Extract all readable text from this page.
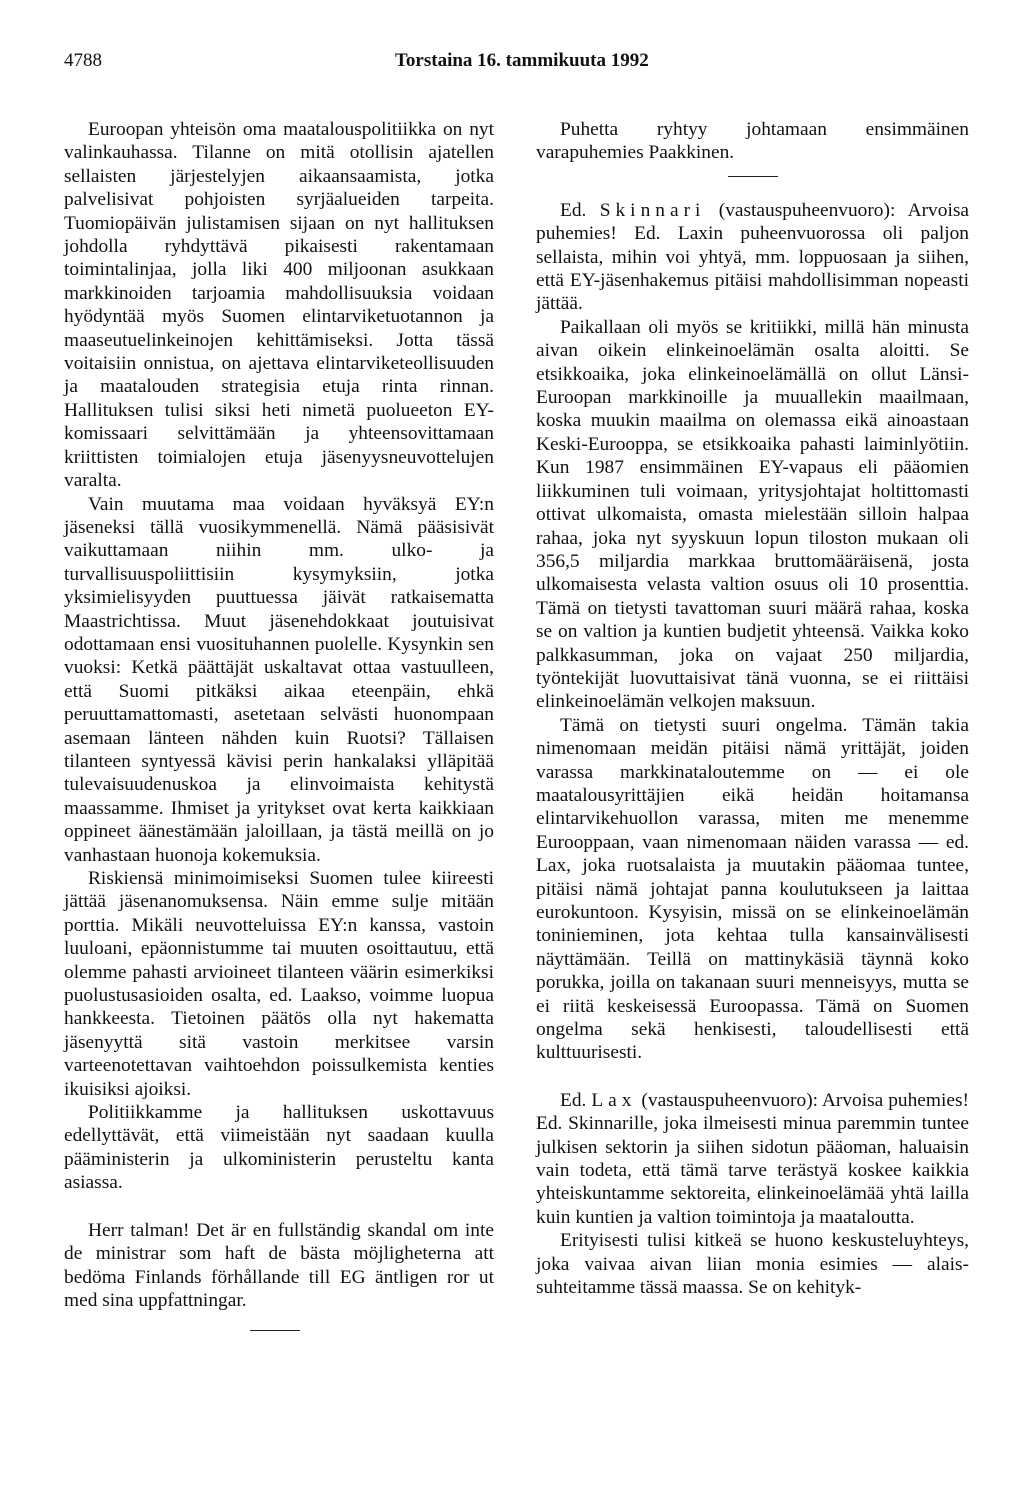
4788	Torstaina 16. tammikuuta 1992

Euroopan yhteisön oma maatalouspolitiikka on nyt valinkauhassa. Tilanne on mitä otollisin ajatellen sellaisten järjestelyjen aikaansaamista, jotka palvelisivat pohjoisten syrjäalueiden tarpeita. Tuomiopäivän julistamisen sijaan on nyt hallituksen johdolla ryhdyttävä pikaisesti rakentamaan toimintalinjaa, jolla liki 400 miljoonan asukkaan markkinoiden tarjoamia mahdollisuuksia voidaan hyödyntää myös Suomen elintarviketuotannon ja maaseutuelinkeinojen kehittämiseksi. Jotta tässä voitaisiin onnistua, on ajettava elintarviketeollisuuden ja maatalouden strategisia etuja rinta rinnan. Hallituksen tulisi siksi heti nimetä puolueeton EY-komissaari selvittämään ja yhteensovittamaan kriittisten toimialojen etuja jäsenyysneuvottelujen varalta.

Vain muutama maa voidaan hyväksyä EY:n jäseneksi tällä vuosikymmenellä. Nämä pääsisivät vaikuttamaan niihin mm. ulko- ja turvallisuuspoliittisiin kysymyksiin, jotka yksimielisyyden puuttuessa jäivät ratkaisematta Maastrichtissa. Muut jäsenehdokkaat joutuisivat odottamaan ensi vuosituhannen puolelle. Kysynkin sen vuoksi: Ketkä päättäjät uskaltavat ottaa vastuulleen, että Suomi pitkäksi aikaa eteenpäin, ehkä peruuttamattomasti, asetetaan selvästi huonompaan asemaan länteen nähden kuin Ruotsi? Tällaisen tilanteen syntyessä kävisi perin hankalaksi ylläpitää tulevaisuudenuskoa ja elinvoimaista kehitystä maassamme. Ihmiset ja yritykset ovat kerta kaikkiaan oppineet äänestämään jaloillaan, ja tästä meillä on jo vanhastaan huonoja kokemuksia.

Riskiensä minimoimiseksi Suomen tulee kiireesti jättää jäsenanomuksensa. Näin emme sulje mitään porttia. Mikäli neuvotteluissa EY:n kanssa, vastoin luuloani, epäonnistumme tai muuten osoittautuu, että olemme pahasti arvioineet tilanteen väärin esimerkiksi puolustusasioiden osalta, ed. Laakso, voimme luopua hankkeesta. Tietoinen päätös olla nyt hakematta jäsenyyttä sitä vastoin merkitsee varsin varteenotettavan vaihtoehdon poissulkemista kenties ikuisiksi ajoiksi.

Politiikkamme ja hallituksen uskottavuus edellyttävät, että viimeistään nyt saadaan kuulla pääministerin ja ulkoministerin perusteltu kanta asiassa.

Herr talman! Det är en fullständig skandal om inte de ministrar som haft de bästa möjligheterna att bedöma Finlands förhållande till EG äntligen ror ut med sina uppfattningar.

Puhetta ryhtyy johtamaan ensimmäinen varapuhemies Paakkinen.

Ed. Skinnari (vastauspuheenvuoro): Arvoisa puhemies! Ed. Laxin puheenvuorossa oli paljon sellaista, mihin voi yhtyä, mm. loppuosaan ja siihen, että EY-jäsenhakemus pitäisi mahdollisimman nopeasti jättää.

Paikallaan oli myös se kritiikki, millä hän minusta aivan oikein elinkeinoelämän osalta aloitti. Se etsikkoaika, joka elinkeinoelämällä on ollut Länsi-Euroopan markkinoille ja muuallekin maailmaan, koska muukin maailma on olemassa eikä ainoastaan Keski-Eurooppa, se etsikkoaika pahasti laiminlyötiin. Kun 1987 ensimmäinen EY-vapaus eli pääomien liikkuminen tuli voimaan, yritysjohtajat holtittomasti ottivat ulkomaista, omasta mielestään silloin halpaa rahaa, joka nyt syyskuun lopun tiloston mukaan oli 356,5 miljardia markkaa bruttomääräisenä, josta ulkomaisesta velasta valtion osuus oli 10 prosenttia. Tämä on tietysti tavattoman suuri määrä rahaa, koska se on valtion ja kuntien budjetit yhteensä. Vaikka koko palkkasumman, joka on vajaat 250 miljardia, työntekijät luovuttaisivat tänä vuonna, se ei riittäisi elinkeinoelämän velkojen maksuun.

Tämä on tietysti suuri ongelma. Tämän takia nimenomaan meidän pitäisi nämä yrittäjät, joiden varassa markkinataloutemme on — ei ole maatalousyrittäjien eikä heidän hoitamansa elintarvikehuollon varassa, miten me menemme Eurooppaan, vaan nimenomaan näiden varassa — ed. Lax, joka ruotsalaista ja muutakin pääomaa tuntee, pitäisi nämä johtajat panna koulutukseen ja laittaa eurokuntoon. Kysyisin, missä on se elinkeinoelämän toninieminen, jota kehtaa tulla kansainvälisesti näyttämään. Teillä on mattinykäsiä täynnä koko porukka, joilla on takanaan suuri menneisyys, mutta se ei riitä keskeisessä Euroopassa. Tämä on Suomen ongelma sekä henkisesti, taloudellisesti että kulttuurisesti.

Ed. Lax (vastauspuheenvuoro): Arvoisa puhemies! Ed. Skinnarille, joka ilmeisesti minua paremmin tuntee julkisen sektorin ja siihen sidotun pääoman, haluaisin vain todeta, että tämä tarve terästyä koskee kaikkia yhteiskuntamme sektoreita, elinkeinoelämää yhtä lailla kuin kuntien ja valtion toimintoja ja maataloutta.

Erityisesti tulisi kitkeä se huono keskusteluyhteys, joka vaivaa aivan liian monia esimies — alais-suhteitamme tässä maassa. Se on kehityk-
